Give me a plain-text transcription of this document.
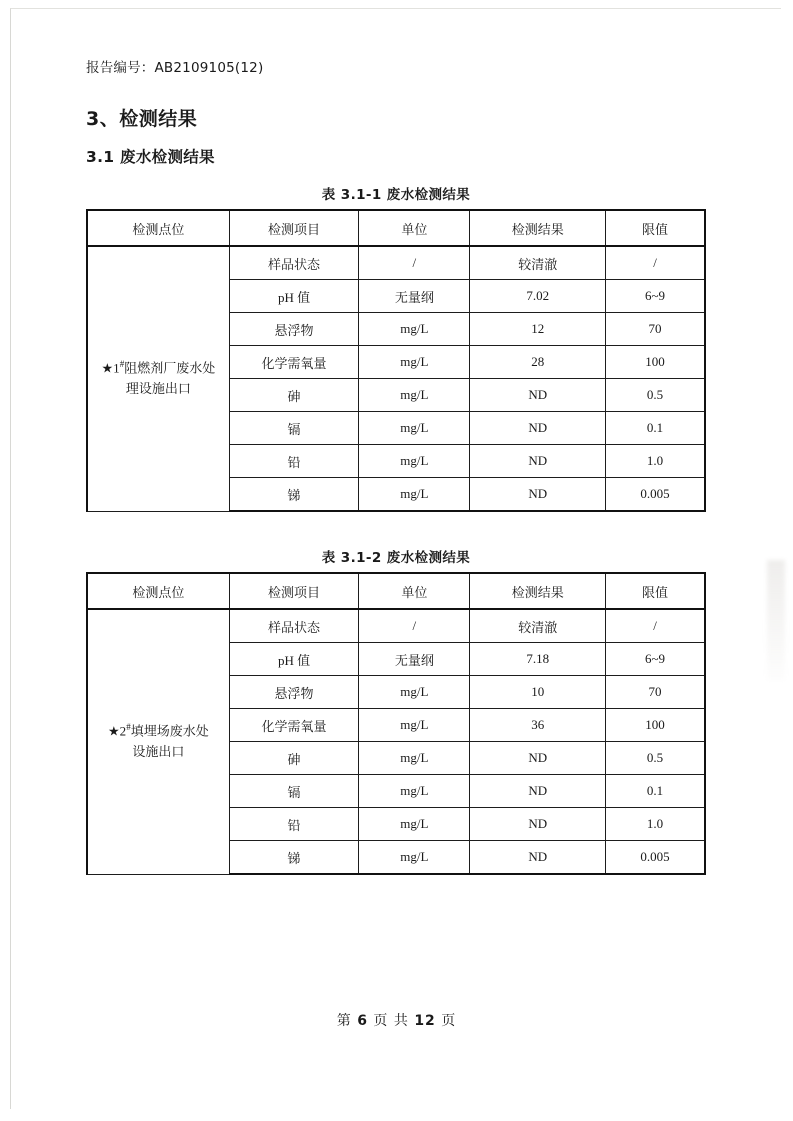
报告编号：AB2109105(12)
3、检测结果
3.1 废水检测结果
表 3.1-1 废水检测结果
检测点位	检测项目	单位	检测结果	限值
★1#阻燃剂厂废水处
理设施出口	样品状态	/	较清澈	/
	pH 值	无量纲	7.02	6~9
	悬浮物	mg/L	12	70
	化学需氧量	mg/L	28	100
	砷	mg/L	ND	0.5
	镉	mg/L	ND	0.1
	铅	mg/L	ND	1.0
	锑	mg/L	ND	0.005
表 3.1-2 废水检测结果
检测点位	检测项目	单位	检测结果	限值
★2#填埋场废水处
设施出口	样品状态	/	较清澈	/
	pH 值	无量纲	7.18	6~9
	悬浮物	mg/L	10	70
	化学需氧量	mg/L	36	100
	砷	mg/L	ND	0.5
	镉	mg/L	ND	0.1
	铅	mg/L	ND	1.0
	锑	mg/L	ND	0.005
第 6 页 共 12 页
